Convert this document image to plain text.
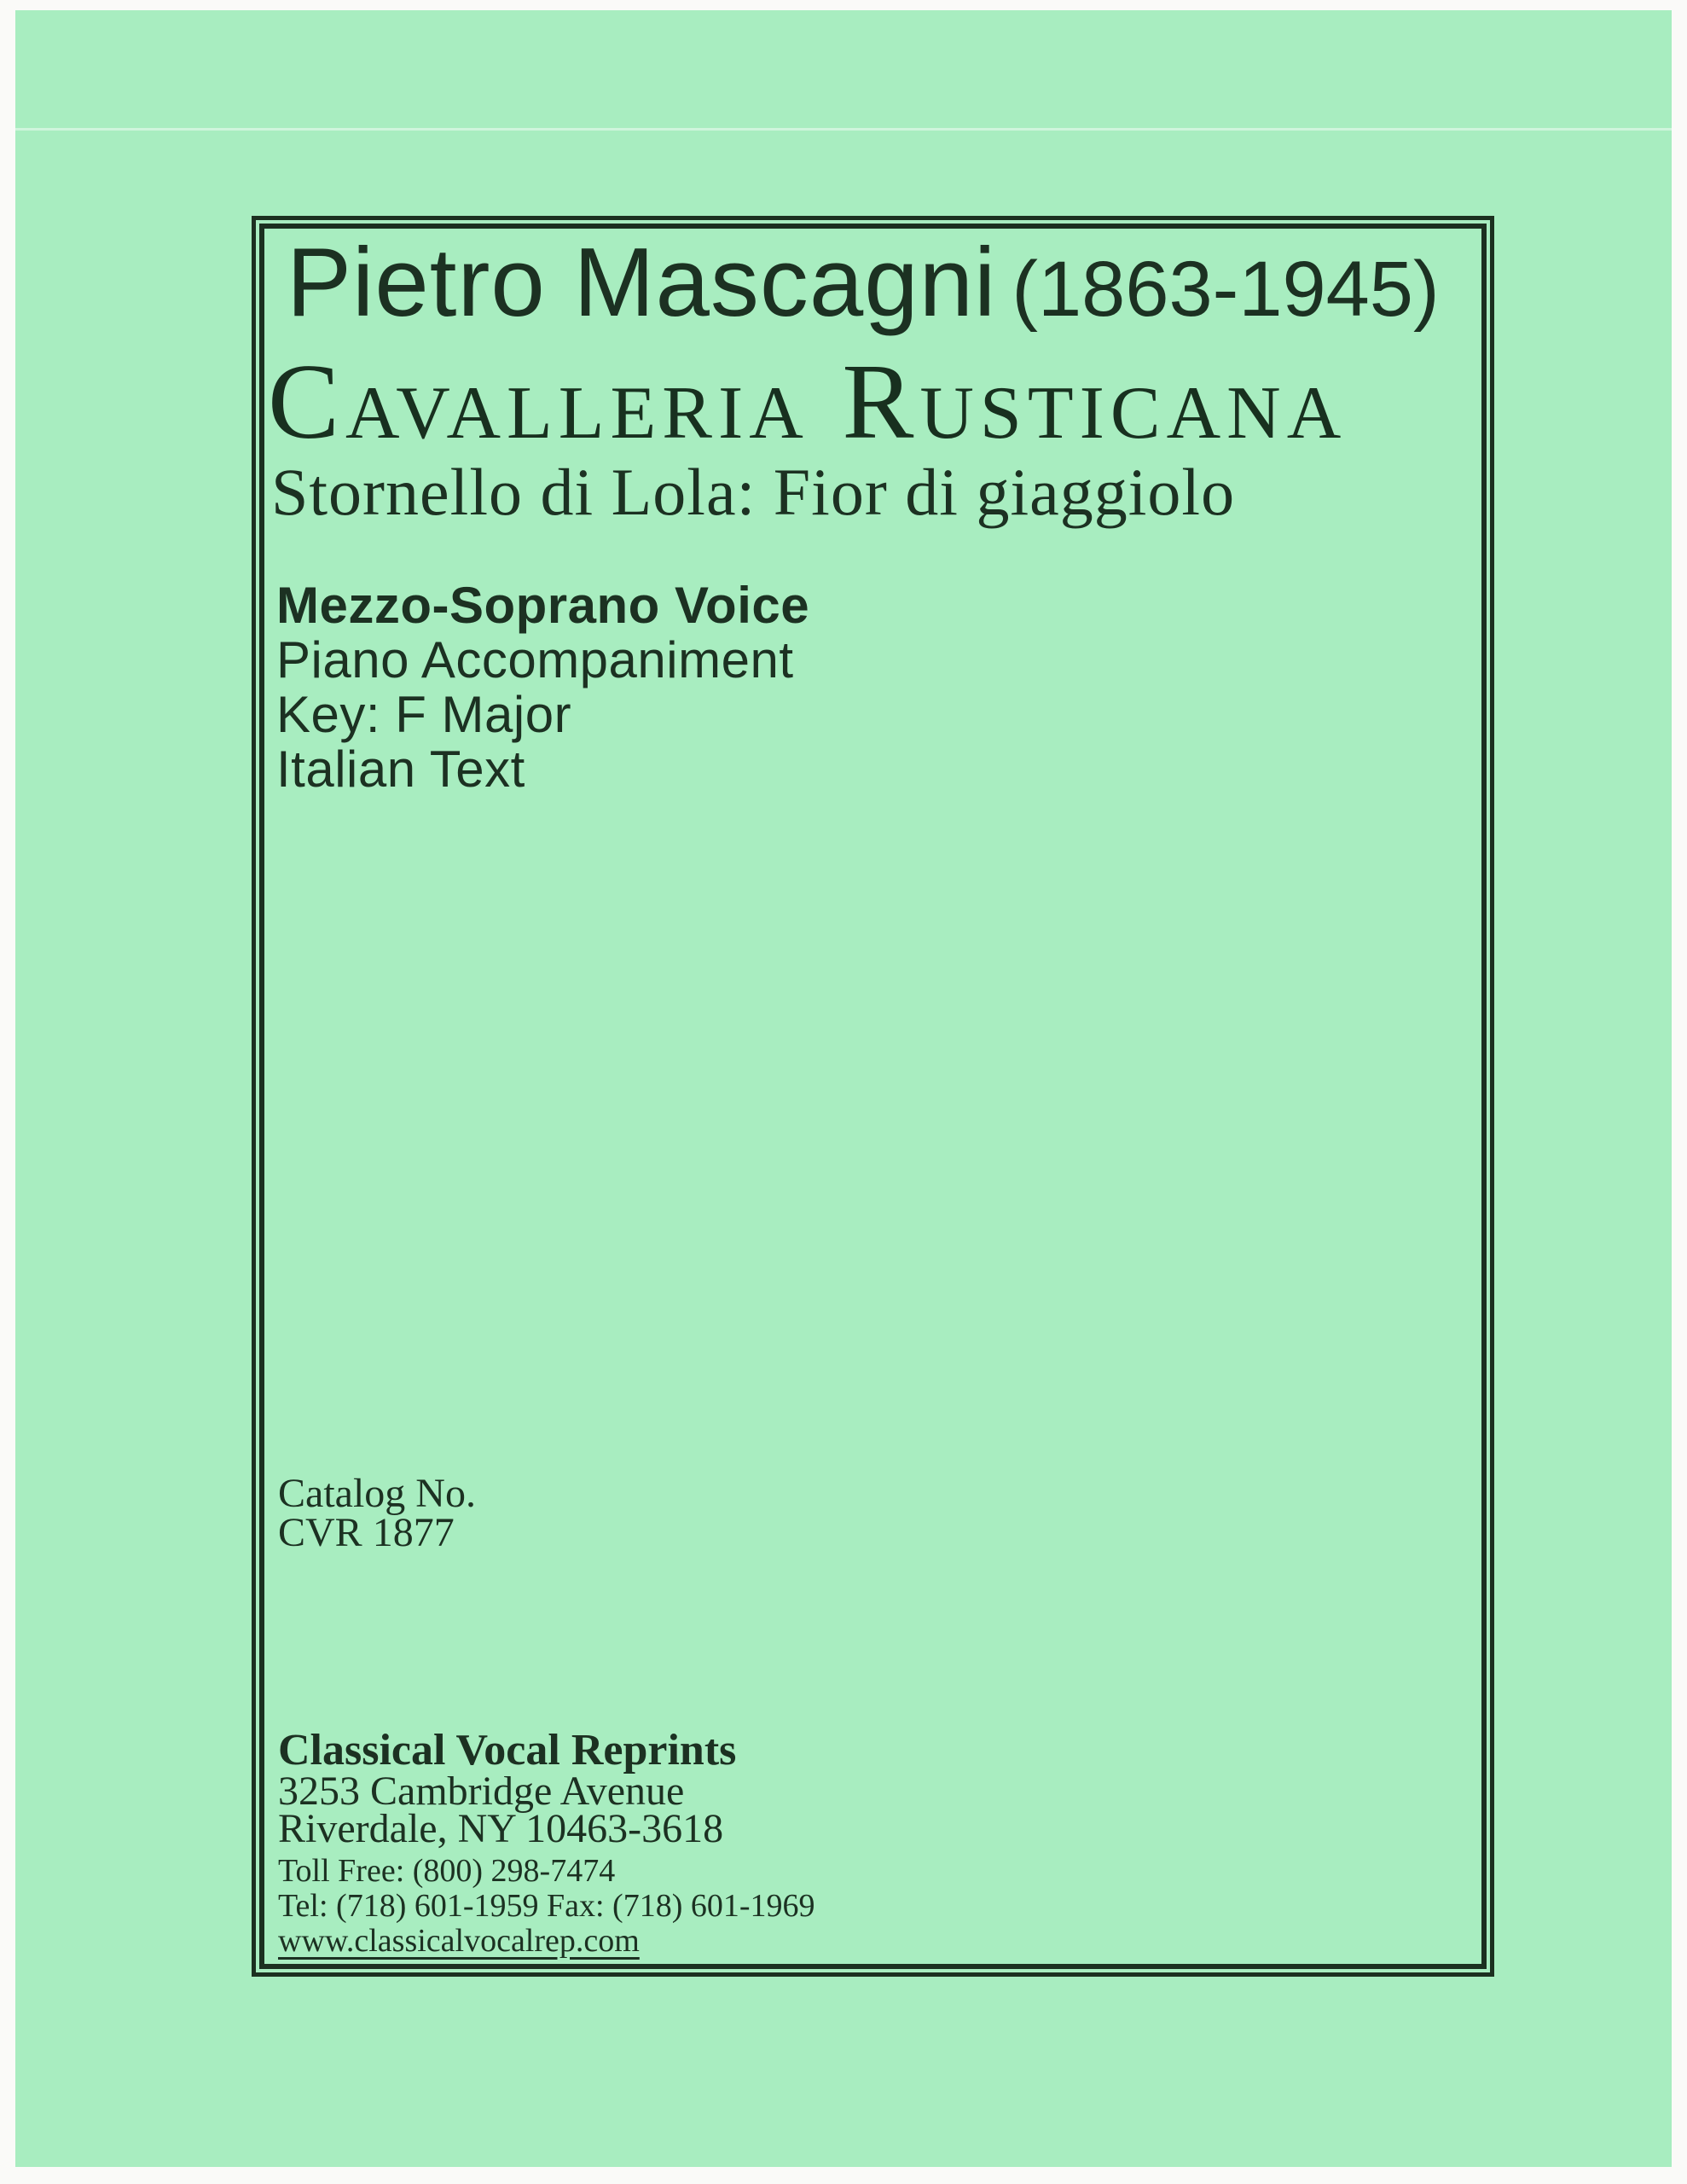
Pietro Mascagni (1863-1945)
Cavalleria Rusticana
Stornello di Lola: Fior di giaggiolo
Mezzo-Soprano Voice
Piano Accompaniment
Key: F Major
Italian Text
Catalog No.
CVR 1877
Classical Vocal Reprints
3253 Cambridge Avenue
Riverdale, NY 10463-3618
Toll Free: (800) 298-7474
Tel: (718) 601-1959 Fax: (718) 601-1969
www.classicalvocalrep.com
